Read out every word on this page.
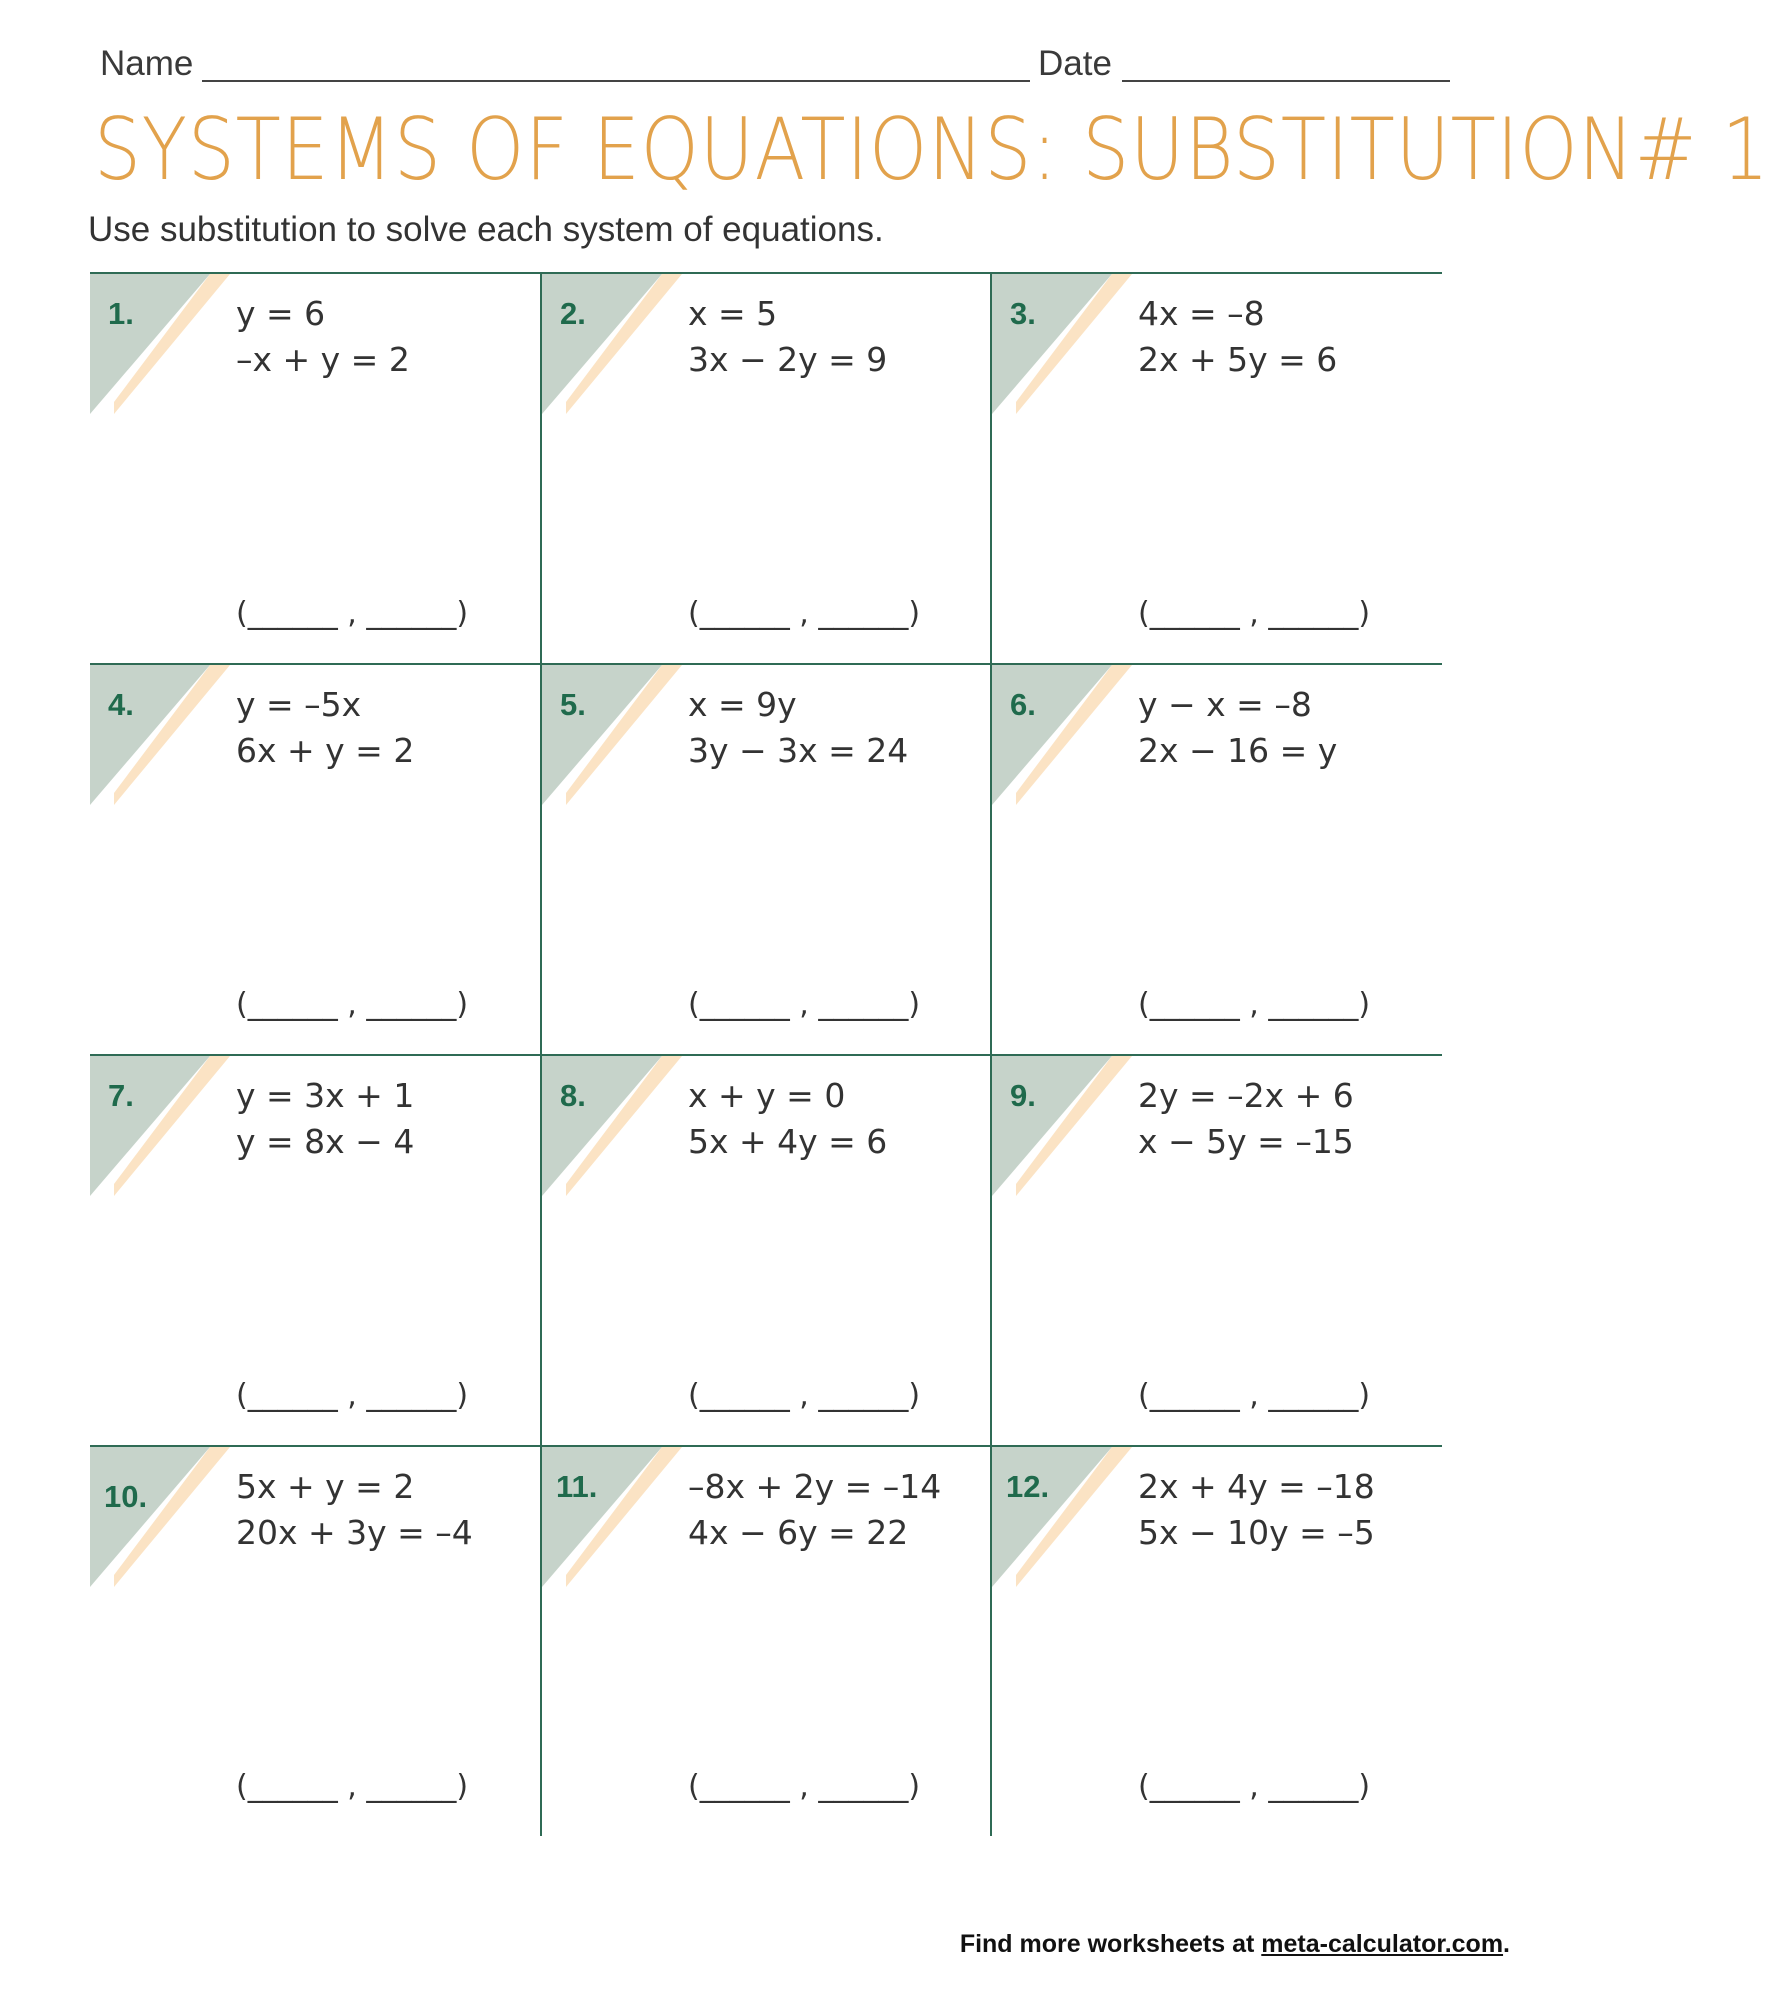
Name	Date
SYSTEMS OF EQUATIONS: SUBSTITUTION# 1
Use substitution to solve each system of equations.
1.	y = 6
–x + y = 2
(______ , ______)
2.	x = 5
3x − 2y = 9
(______ , ______)
3.	4x = –8
2x + 5y = 6
(______ , ______)
4.	y = –5x
6x + y = 2
(______ , ______)
5.	x = 9y
3y − 3x = 24
(______ , ______)
6.	y − x = –8
2x − 16 = y
(______ , ______)
7.	y = 3x + 1
y = 8x − 4
(______ , ______)
8.	x + y = 0
5x + 4y = 6
(______ , ______)
9.	2y = –2x + 6
x − 5y = –15
(______ , ______)
10.	5x + y = 2
20x + 3y = –4
(______ , ______)
11.	–8x + 2y = –14
4x − 6y = 22
(______ , ______)
12.	2x + 4y = –18
5x − 10y = –5
(______ , ______)
Find more worksheets at meta-calculator.com.
